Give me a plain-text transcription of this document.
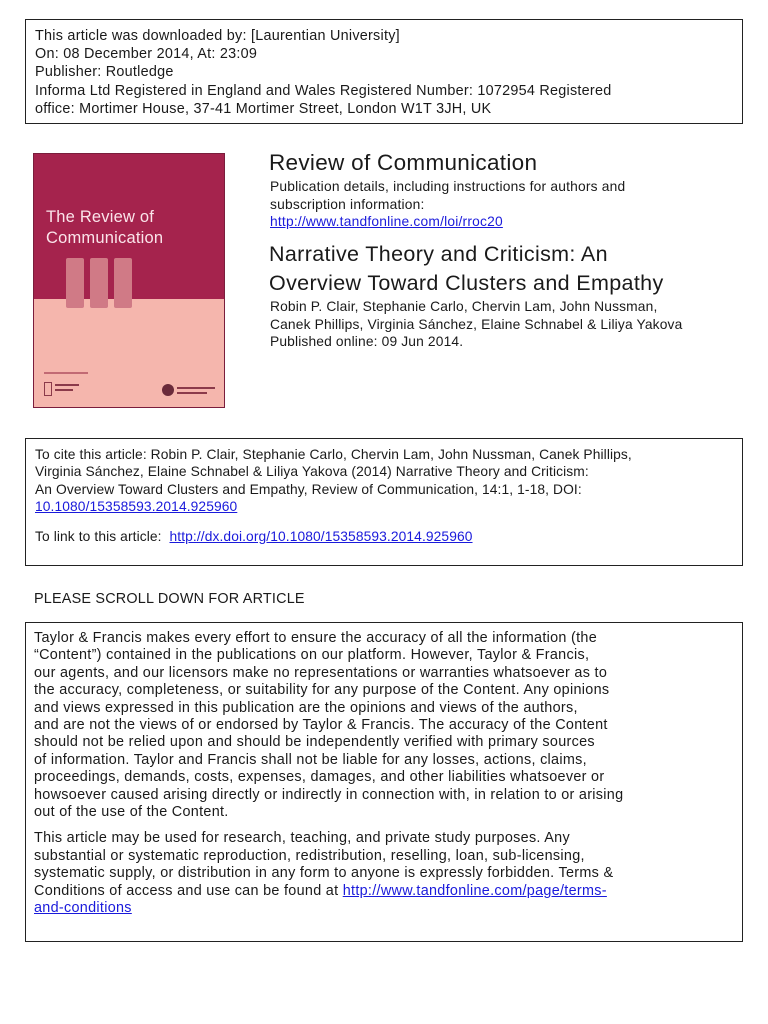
This article was downloaded by: [Laurentian University]
On: 08 December 2014, At: 23:09
Publisher: Routledge
Informa Ltd Registered in England and Wales Registered Number: 1072954 Registered
office: Mortimer House, 37-41 Mortimer Street, London W1T 3JH, UK
The Review of
Communication
Review of Communication
Publication details, including instructions for authors and
subscription information:
http://www.tandfonline.com/loi/rroc20
Narrative Theory and Criticism: An
Overview Toward Clusters and Empathy
Robin P. Clair, Stephanie Carlo, Chervin Lam, John Nussman,
Canek Phillips, Virginia Sánchez, Elaine Schnabel & Liliya Yakova
Published online: 09 Jun 2014.
To cite this article: Robin P. Clair, Stephanie Carlo, Chervin Lam, John Nussman, Canek Phillips,
Virginia Sánchez, Elaine Schnabel & Liliya Yakova (2014) Narrative Theory and Criticism:
An Overview Toward Clusters and Empathy, Review of Communication, 14:1, 1-18, DOI:
10.1080/15358593.2014.925960
To link to this article: http://dx.doi.org/10.1080/15358593.2014.925960
PLEASE SCROLL DOWN FOR ARTICLE
Taylor & Francis makes every effort to ensure the accuracy of all the information (the
“Content”) contained in the publications on our platform. However, Taylor & Francis,
our agents, and our licensors make no representations or warranties whatsoever as to
the accuracy, completeness, or suitability for any purpose of the Content. Any opinions
and views expressed in this publication are the opinions and views of the authors,
and are not the views of or endorsed by Taylor & Francis. The accuracy of the Content
should not be relied upon and should be independently verified with primary sources
of information. Taylor and Francis shall not be liable for any losses, actions, claims,
proceedings, demands, costs, expenses, damages, and other liabilities whatsoever or
howsoever caused arising directly or indirectly in connection with, in relation to or arising
out of the use of the Content.
This article may be used for research, teaching, and private study purposes. Any
substantial or systematic reproduction, redistribution, reselling, loan, sub-licensing,
systematic supply, or distribution in any form to anyone is expressly forbidden. Terms &
Conditions of access and use can be found at http://www.tandfonline.com/page/terms-
and-conditions
